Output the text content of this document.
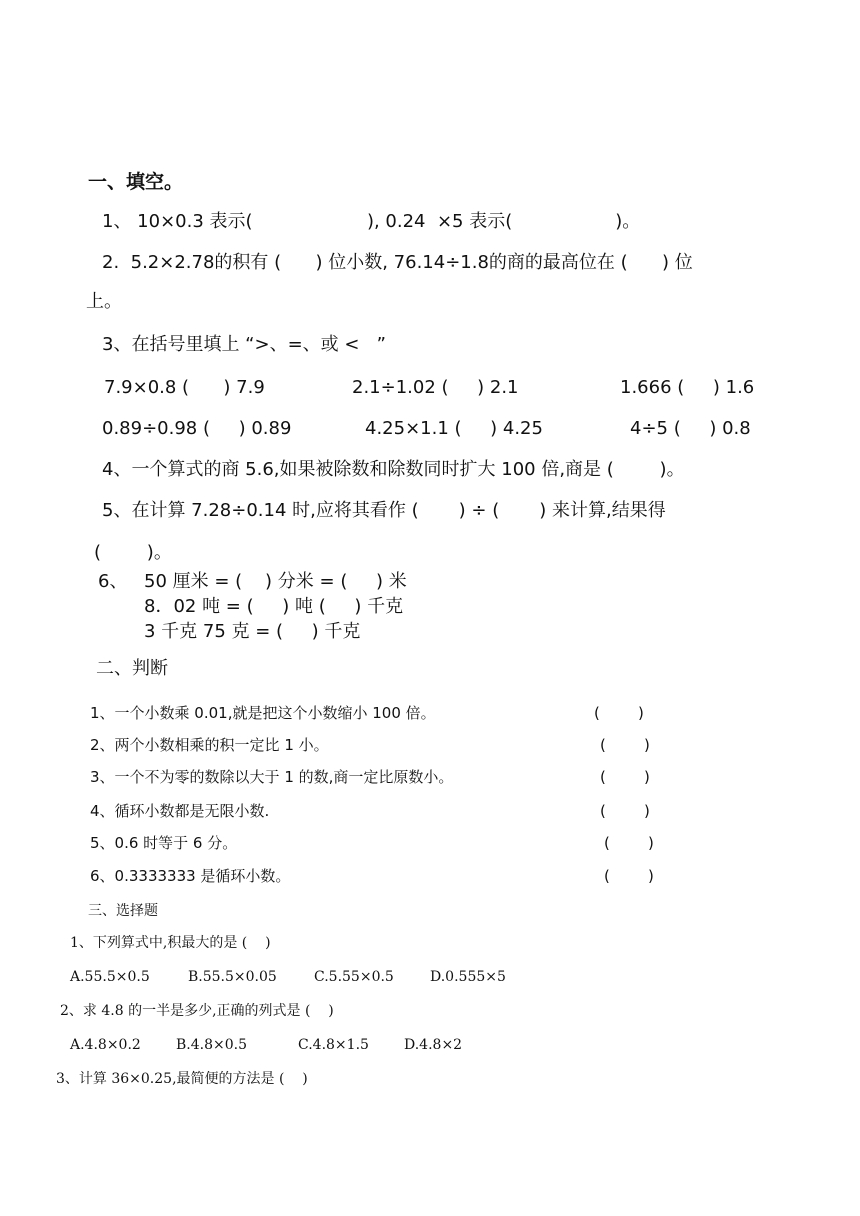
一、填空。
1、 10×0.3 表示(                    ), 0.24  ×5 表示(                  )。
2.  5.2×2.78的积有 (      ) 位小数, 76.14÷1.8的商的最高位在 (      ) 位
上。
3、在括号里填上 “>、=、或 <   ”
7.9×0.8 (      ) 7.9	2.1÷1.02 (     ) 2.1	1.666 (     ) 1.6
0.89÷0.98 (     ) 0.89	4.25×1.1 (     ) 4.25	4÷5 (     ) 0.8
4、一个算式的商 5.6,如果被除数和除数同时扩大 100 倍,商是 (        )。
5、在计算 7.28÷0.14 时,应将其看作 (       ) ÷ (       ) 来计算,结果得
(        )。
6、 50 厘米 = (    ) 分米 = (     ) 米
8．02 吨 = (     ) 吨 (     ) 千克
3 千克 75 克 = (     ) 千克
二、判断
1、一个小数乘 0.01,就是把这个小数缩小 100 倍。	(        )
2、两个小数相乘的积一定比 1 小。	(        )
3、一个不为零的数除以大于 1 的数,商一定比原数小。	(        )
4、循环小数都是无限小数.	(        )
5、0.6 时等于 6 分。	(        )
6、0.3333333 是循环小数。	(        )
三、选择题
1、下列算式中,积最大的是 (    )
A.55.5×0.5	B.55.5×0.05	C.5.55×0.5	D.0.555×5
2、求 4.8 的一半是多少,正确的列式是 (    )
A.4.8×0.2	B.4.8×0.5	C.4.8×1.5	D.4.8×2
3、计算 36×0.25,最简便的方法是 (    )
